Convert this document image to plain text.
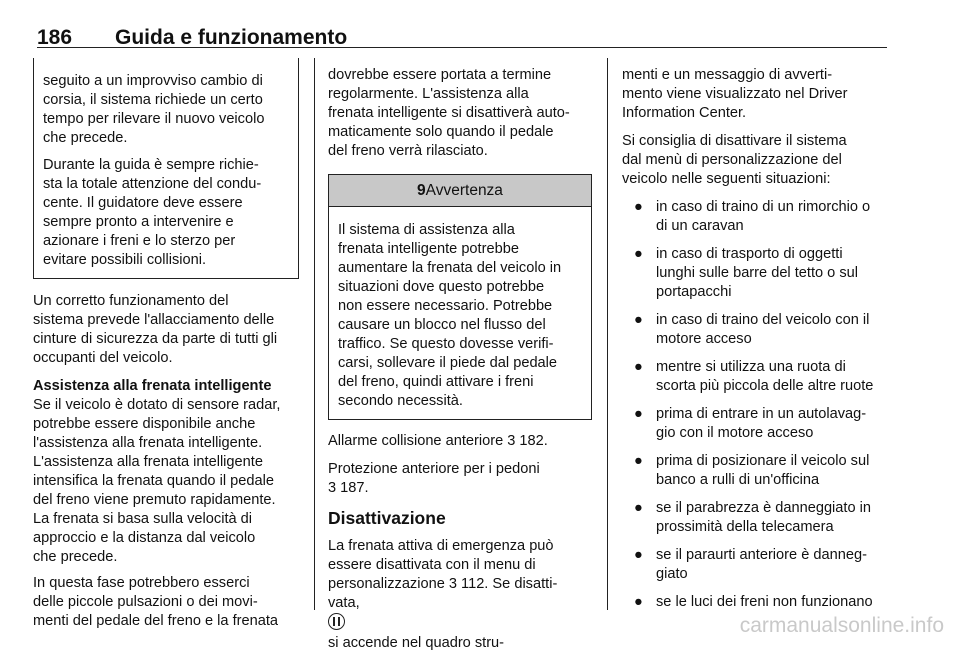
186 Guida e funzionamento

seguito a un improvviso cambio di
corsia, il sistema richiede un certo
tempo per rilevare il nuovo veicolo
che precede.

Durante la guida è sempre richie-
sta la totale attenzione del condu-
cente. Il guidatore deve essere
sempre pronto a intervenire e
azionare i freni e lo sterzo per
evitare possibili collisioni.

Un corretto funzionamento del
sistema prevede l'allacciamento delle
cinture di sicurezza da parte di tutti gli
occupanti del veicolo.

Assistenza alla frenata intelligente
Se il veicolo è dotato di sensore radar,
potrebbe essere disponibile anche
l'assistenza alla frenata intelligente.
L'assistenza alla frenata intelligente
intensifica la frenata quando il pedale
del freno viene premuto rapidamente.
La frenata si basa sulla velocità di
approccio e la distanza dal veicolo
che precede.

In questa fase potrebbero esserci
delle piccole pulsazioni o dei movi-
menti del pedale del freno e la frenata

dovrebbe essere portata a termine
regolarmente. L'assistenza alla
frenata intelligente si disattiverà auto-
maticamente solo quando il pedale
del freno verrà rilasciato.

9Avvertenza

Il sistema di assistenza alla
frenata intelligente potrebbe
aumentare la frenata del veicolo in
situazioni dove questo potrebbe
non essere necessario. Potrebbe
causare un blocco nel flusso del
traffico. Se questo dovesse verifi-
carsi, sollevare il piede dal pedale
del freno, quindi attivare i freni
secondo necessità.

Allarme collisione anteriore 3 182.

Protezione anteriore per i pedoni
3 187.

Disattivazione

La frenata attiva di emergenza può
essere disattivata con il menu di
personalizzazione 3 112. Se disatti-
vata,
si accende nel quadro stru-

menti e un messaggio di avverti-
mento viene visualizzato nel Driver
Information Center.

Si consiglia di disattivare il sistema
dal menù di personalizzazione del
veicolo nelle seguenti situazioni:

● in caso di traino di un rimorchio o
di un caravan
● in caso di trasporto di oggetti
lunghi sulle barre del tetto o sul
portapacchi
● in caso di traino del veicolo con il
motore acceso
● mentre si utilizza una ruota di
scorta più piccola delle altre ruote
● prima di entrare in un autolavag-
gio con il motore acceso
● prima di posizionare il veicolo sul
banco a rulli di un'officina
● se il parabrezza è danneggiato in
prossimità della telecamera
● se il paraurti anteriore è danneg-
giato
● se le luci dei freni non funzionano
carmanualsonline.info
